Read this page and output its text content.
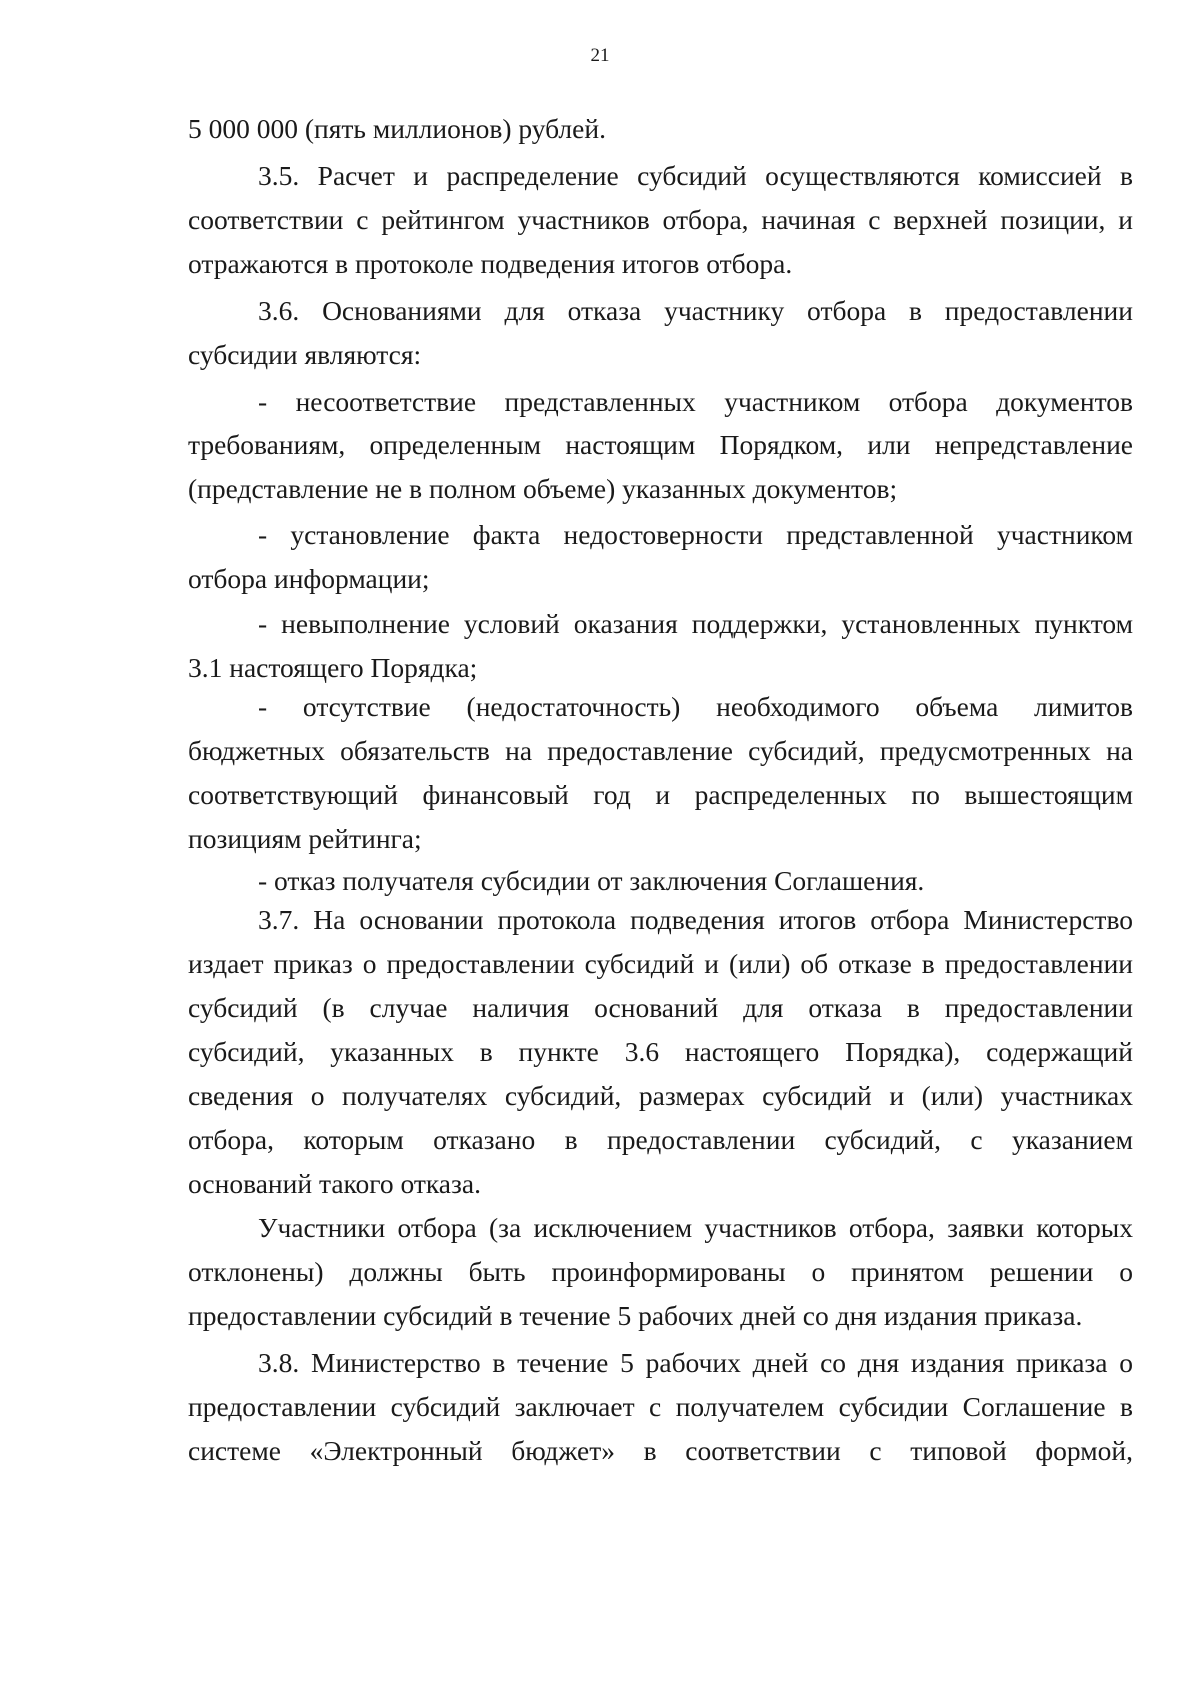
21
5 000 000 (пять миллионов) рублей.
3.5. Расчет и распределение субсидий осуществляются комиссией в
соответствии с рейтингом участников отбора, начиная с верхней позиции, и
отражаются в протоколе подведения итогов отбора.
3.6. Основаниями для отказа участнику отбора в предоставлении
субсидии являются:
- несоответствие представленных участником отбора документов
требованиям, определенным настоящим Порядком, или непредставление
(представление не в полном объеме) указанных документов;
- установление факта недостоверности представленной участником
отбора информации;
- невыполнение условий оказания поддержки, установленных пунктом
3.1 настоящего Порядка;
- отсутствие (недостаточность) необходимого объема лимитов
бюджетных обязательств на предоставление субсидий, предусмотренных на
соответствующий финансовый год и распределенных по вышестоящим
позициям рейтинга;
- отказ получателя субсидии от заключения Соглашения.
3.7. На основании протокола подведения итогов отбора Министерство
издает приказ о предоставлении субсидий и (или) об отказе в предоставлении
субсидий (в случае наличия оснований для отказа в предоставлении
субсидий, указанных в пункте 3.6 настоящего Порядка), содержащий
сведения о получателях субсидий, размерах субсидий и (или) участниках
отбора, которым отказано в предоставлении субсидий, с указанием
оснований такого отказа.
Участники отбора (за исключением участников отбора, заявки которых
отклонены) должны быть проинформированы о принятом решении о
предоставлении субсидий в течение 5 рабочих дней со дня издания приказа.
3.8. Министерство в течение 5 рабочих дней со дня издания приказа о
предоставлении субсидий заключает с получателем субсидии Соглашение в
системе «Электронный бюджет» в соответствии с типовой формой,
